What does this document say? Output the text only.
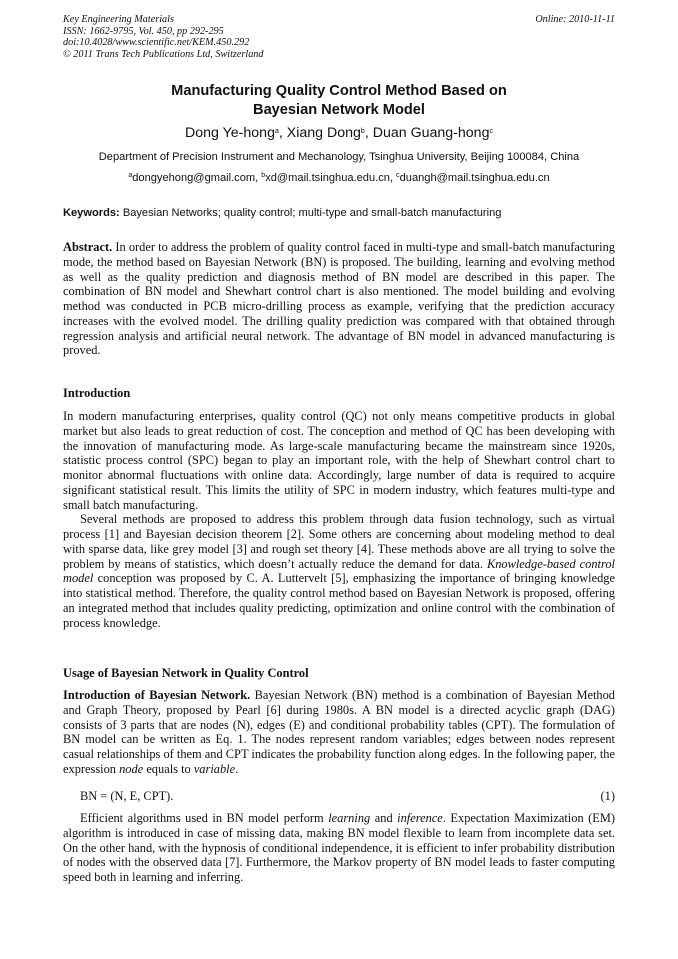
Key Engineering Materials
ISSN: 1662-9795, Vol. 450, pp 292-295
doi:10.4028/www.scientific.net/KEM.450.292
© 2011 Trans Tech Publications Ltd, Switzerland
Online: 2010-11-11
Manufacturing Quality Control Method Based on
Bayesian Network Model
Dong Ye-hong$^a$, Xiang Dong$^b$, Duan Guang-hong$^c$
Department of Precision Instrument and Mechanology, Tsinghua University, Beijing 100084, China
$^a$dongyehong@gmail.com, $^b$xd@mail.tsinghua.edu.cn, $^c$duangh@mail.tsinghua.edu.cn
Keywords: Bayesian Networks; quality control; multi-type and small-batch manufacturing

Abstract. In order to address the problem of quality control faced in multi-type and small-batch manufacturing mode, the method based on Bayesian Network (BN) is proposed. The building, learning and evolving method as well as the quality prediction and diagnosis method of BN model are described in this paper. The combination of BN model and Shewhart control chart is also mentioned. The model building and evolving method was conducted in PCB micro-drilling process as example, verifying that the prediction accuracy increases with the evolved model. The drilling quality prediction was compared with that obtained through regression analysis and artificial neural network. The advantage of BN model in advanced manufacturing is proved.

Introduction

In modern manufacturing enterprises, quality control (QC) not only means competitive products in global market but also leads to great reduction of cost. The conception and method of QC has been developing with the innovation of manufacturing mode. As large-scale manufacturing became the mainstream since 1920s, statistic process control (SPC) began to play an important role, with the help of Shewhart control chart to monitor abnormal fluctuations with online data. Accordingly, large number of data is required to acquire significant statistical result. This limits the utility of SPC in modern industry, which features multi-type and small batch manufacturing.

Several methods are proposed to address this problem through data fusion technology, such as virtual process [1] and Bayesian decision theorem [2]. Some others are concerning about modeling method to deal with sparse data, like grey model [3] and rough set theory [4]. These methods above are all trying to solve the problem by means of statistics, which doesn’t actually reduce the demand for data. Knowledge-based control model conception was proposed by C. A. Luttervelt [5], emphasizing the importance of bringing knowledge into statistical method. Therefore, the quality control method based on Bayesian Network is proposed, offering an integrated method that includes quality predicting, optimization and online control with the combination of process knowledge.

Usage of Bayesian Network in Quality Control

Introduction of Bayesian Network. Bayesian Network (BN) method is a combination of Bayesian Method and Graph Theory, proposed by Pearl [6] during 1980s. A BN model is a directed acyclic graph (DAG) consists of 3 parts that are nodes (N), edges (E) and conditional probability tables (CPT). The formulation of BN model can be written as Eq. 1. The nodes represent random variables; edges between nodes represent casual relationships of them and CPT indicates the probability function along edges. In the following paper, the expression node equals to variable.

BN = (N, E, CPT).	(1)

Efficient algorithms used in BN model perform learning and inference. Expectation Maximization (EM) algorithm is introduced in case of missing data, making BN model flexible to learn from incomplete data set. On the other hand, with the hypnosis of conditional independence, it is efficient to infer probability distribution of nodes with the observed data [7]. Furthermore, the Markov property of BN model leads to faster computing speed both in learning and inferring.
